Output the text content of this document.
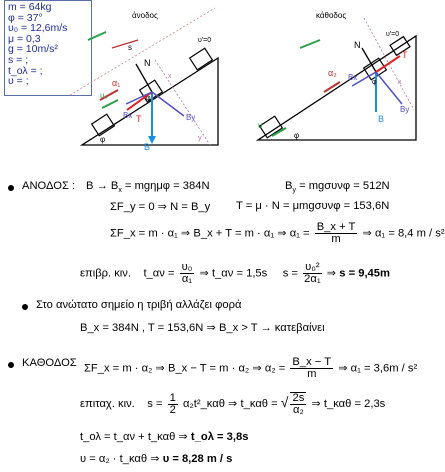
m = 64kg
φ = 37°
υ₀ = 12,6m/s
μ = 0,3
g = 10m/s²
s = ;
t_ολ = ;
υ = ;
άνοδος
s
N
α₁
B
Bx	By
T
υ₀
υ'=0
φ
φ
x
y
κάθοδος
N
α₂
B
Bx
By
T
υ
υ'=0
φ
φ	x
ΑΝΟΔΟΣ : $B \to B_x = mg\eta\mu\varphi = 384N$	$B_y = mg\sigma\upsilon\nu\varphi = 512N$
ΣF_y = 0 ⇒ N = B_y T = μ · N = μmgσυνφ = 153,6N
ΣF_x = m · α₁ ⇒ B_x + T = m · α₁ ⇒ $\alpha_1 = \frac{B\_x + T}{m}$ ⇒ α₁ = 8,4 m / s²
επιβρ. κιν. t_αν = $\frac{\text{υ₀}}{\text{α₁}}$ ⇒ t_αν = 1,5s $s = \frac{\text{υ₀²}}{\text{2α₁}}$ ⇒ s = 9,45m
Στο ανώτατο σημείο η τριβή αλλάζει φορά
B_x = 384N , T = 153,6N ⇒ B_x > T → κατεβαίνει
ΚΑΘΟΔΟΣ ΣF_x = m · α₂ ⇒ B_x − T = m · α₂ ⇒ $\alpha_2 = \frac{B\_x - T}{m}$ ⇒ α₁ = 3,6m / s²
επιταχ. κιν. $s = \frac{1}{2}$ α₂t²_καθ ⇒ t_καθ = √ $\frac{2s}{\text{α₂}}$ ⇒ t_καθ = 2,3s
t_ολ = t_αν + t_καθ ⇒ t_ολ = 3,8s
υ = α₂ · t_καθ ⇒ υ = 8,28 m / s
